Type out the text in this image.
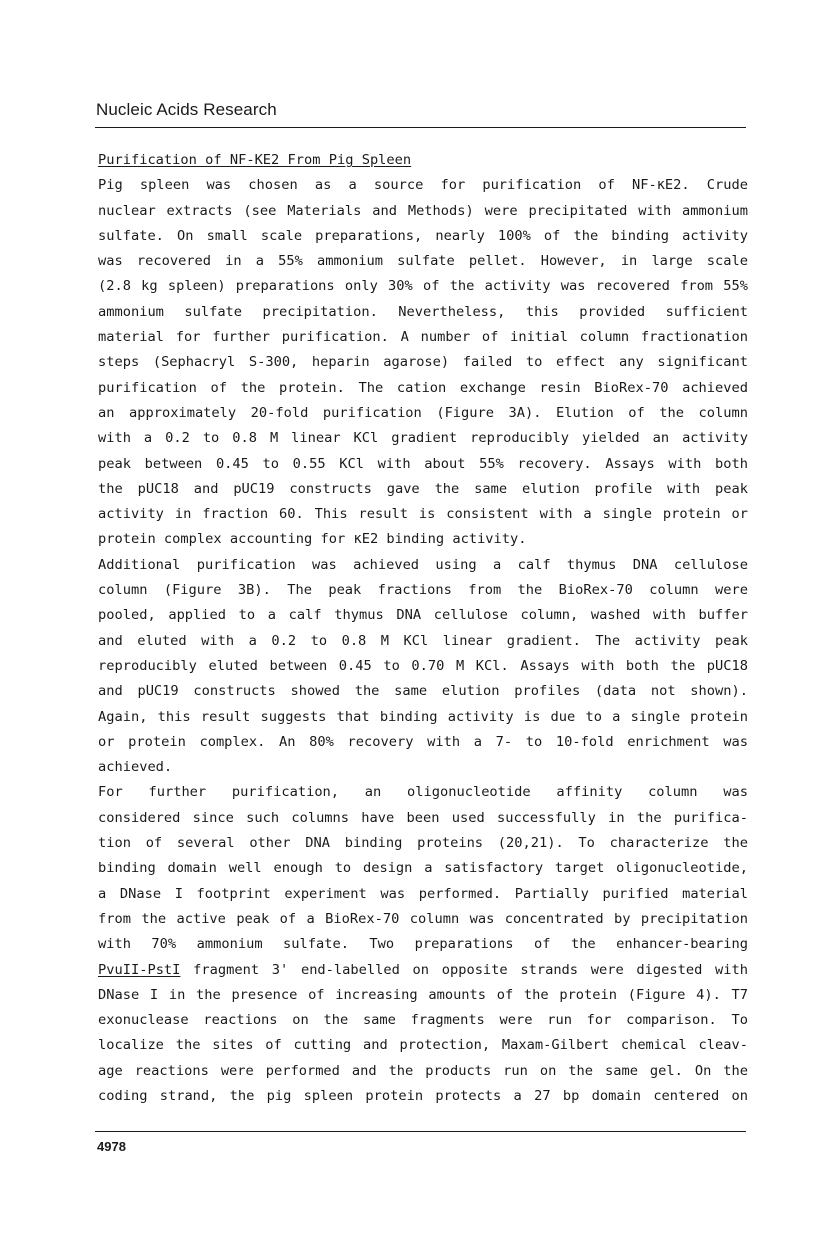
Nucleic Acids Research
Purification of NF-KE2 From Pig Spleen
Pig spleen was chosen as a source for purification of NF-κE2. Crude
nuclear extracts (see Materials and Methods) were precipitated with ammonium
sulfate. On small scale preparations, nearly 100% of the binding activity
was recovered in a 55% ammonium sulfate pellet. However, in large scale
(2.8 kg spleen) preparations only 30% of the activity was recovered from 55%
ammonium sulfate precipitation. Nevertheless, this provided sufficient
material for further purification. A number of initial column fractionation
steps (Sephacryl S-300, heparin agarose) failed to effect any significant
purification of the protein. The cation exchange resin BioRex-70 achieved
an approximately 20-fold purification (Figure 3A). Elution of the column
with a 0.2 to 0.8 M linear KCl gradient reproducibly yielded an activity
peak between 0.45 to 0.55 KCl with about 55% recovery. Assays with both
the pUC18 and pUC19 constructs gave the same elution profile with peak
activity in fraction 60. This result is consistent with a single protein or
protein complex accounting for κE2 binding activity.
Additional purification was achieved using a calf thymus DNA cellulose
column (Figure 3B). The peak fractions from the BioRex-70 column were
pooled, applied to a calf thymus DNA cellulose column, washed with buffer
and eluted with a 0.2 to 0.8 M KCl linear gradient. The activity peak
reproducibly eluted between 0.45 to 0.70 M KCl. Assays with both the pUC18
and pUC19 constructs showed the same elution profiles (data not shown).
Again, this result suggests that binding activity is due to a single protein
or protein complex. An 80% recovery with a 7- to 10-fold enrichment was
achieved.
For further purification, an oligonucleotide affinity column was
considered since such columns have been used successfully in the purifica-
tion of several other DNA binding proteins (20,21). To characterize the
binding domain well enough to design a satisfactory target oligonucleotide,
a DNase I footprint experiment was performed. Partially purified material
from the active peak of a BioRex-70 column was concentrated by precipitation
with 70% ammonium sulfate. Two preparations of the enhancer-bearing
PvuII-PstI fragment 3' end-labelled on opposite strands were digested with
DNase I in the presence of increasing amounts of the protein (Figure 4). T7
exonuclease reactions on the same fragments were run for comparison. To
localize the sites of cutting and protection, Maxam-Gilbert chemical cleav-
age reactions were performed and the products run on the same gel. On the
coding strand, the pig spleen protein protects a 27 bp domain centered on
4978
